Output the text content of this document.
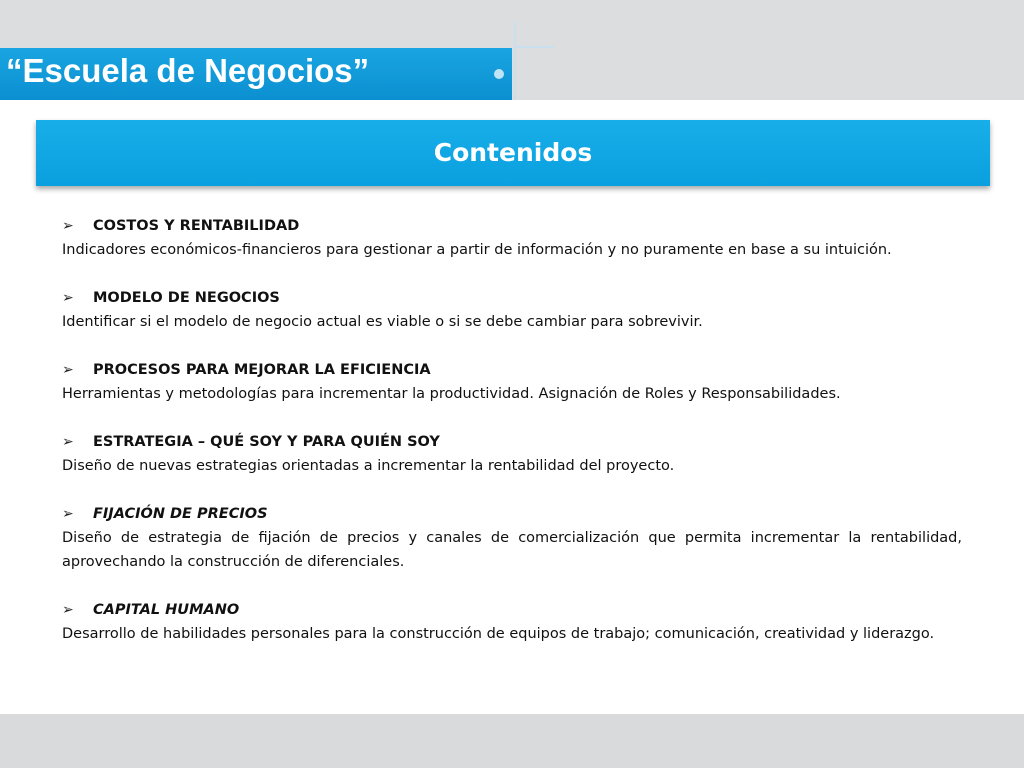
“Escuela de Negocios”
Contenidos
➢ COSTOS Y RENTABILIDAD
Indicadores económicos-financieros para gestionar a partir de información y no puramente en base a su intuición.
➢ MODELO DE NEGOCIOS
Identificar si el modelo de negocio actual es viable o si se debe cambiar para sobrevivir.
➢ PROCESOS PARA MEJORAR LA EFICIENCIA
Herramientas y metodologías para incrementar la productividad. Asignación de Roles y Responsabilidades.
➢ ESTRATEGIA – QUÉ SOY Y PARA QUIÉN SOY
Diseño de nuevas estrategias orientadas a incrementar la rentabilidad del proyecto.
➢ FIJACIÓN DE PRECIOS
Diseño de estrategia de fijación de precios y canales de comercialización que permita incrementar la rentabilidad, aprovechando la construcción de diferenciales.
➢ CAPITAL HUMANO
Desarrollo de habilidades personales para la construcción de equipos de trabajo; comunicación, creatividad y liderazgo.
